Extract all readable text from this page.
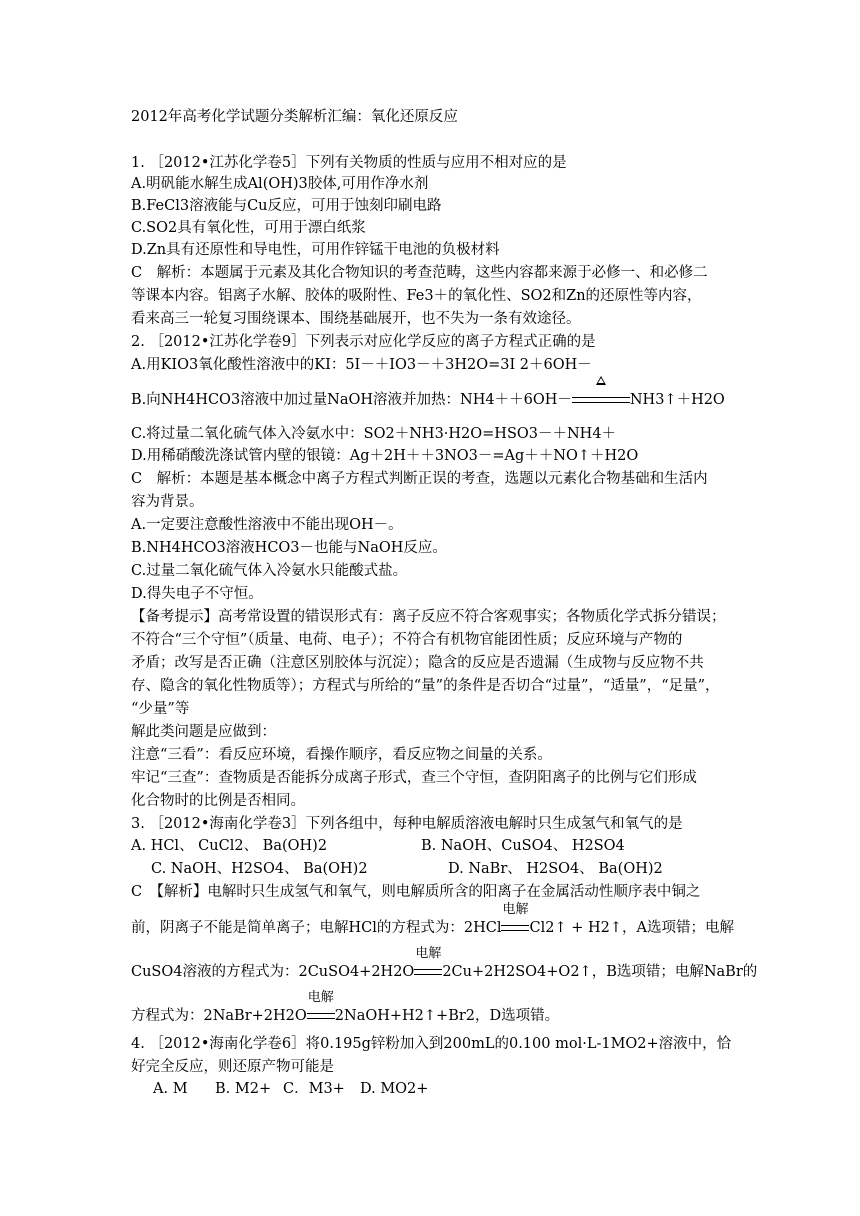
2012年高考化学试题分类解析汇编：氧化还原反应
1. ［2012•江苏化学卷5］下列有关物质的性质与应用不相对应的是
A.明矾能水解生成Al(OH)3胶体,可用作净水剂
B.FeCl3溶液能与Cu反应，可用于蚀刻印刷电路
C.SO2具有氧化性，可用于漂白纸浆
D.Zn具有还原性和导电性，可用作锌锰干电池的负极材料
C　解析：本题属于元素及其化合物知识的考查范畴，这些内容都来源于必修一、和必修二
等课本内容。铝离子水解、胶体的吸附性、Fe3＋的氧化性、SO2和Zn的还原性等内容，
看来高三一轮复习围绕课本、围绕基础展开，也不失为一条有效途径。
2. ［2012•江苏化学卷9］下列表示对应化学反应的离子方程式正确的是
A.用KIO3氧化酸性溶液中的KI：5I－＋IO3－＋3H2O=3I 2＋6OH－
B.向NH4HCO3溶液中加过量NaOH溶液并加热：NH4＋＋6OH－	NH3↑＋H2O
C.将过量二氧化硫气体入冷氨水中：SO2＋NH3·H2O=HSO3－＋NH4＋
D.用稀硝酸洗涤试管内壁的银镜：Ag＋2H＋＋3NO3－=Ag＋＋NO↑＋H2O
C　解析：本题是基本概念中离子方程式判断正误的考查，选题以元素化合物基础和生活内
容为背景。
A.一定要注意酸性溶液中不能出现OH－。
B.NH4HCO3溶液HCO3－也能与NaOH反应。
C.过量二氧化硫气体入冷氨水只能酸式盐。
D.得失电子不守恒。
【备考提示】高考常设置的错误形式有：离子反应不符合客观事实；各物质化学式拆分错误；
不符合“三个守恒”（质量、电荷、电子）；不符合有机物官能团性质；反应环境与产物的
矛盾；改写是否正确（注意区别胶体与沉淀）；隐含的反应是否遗漏（生成物与反应物不共
存、隐含的氧化性物质等）；方程式与所给的“量”的条件是否切合“过量”，“适量”，“足量”，
“少量”等
解此类问题是应做到：
注意“三看”：看反应环境，看操作顺序，看反应物之间量的关系。
牢记“三查”：查物质是否能拆分成离子形式，查三个守恒，查阴阳离子的比例与它们形成
化合物时的比例是否相同。
3. ［2012•海南化学卷3］下列各组中，每种电解质溶液电解时只生成氢气和氧气的是
A. HCl、 CuCl2、 Ba(OH)2	B. NaOH、CuSO4、 H2SO4
C. NaOH、H2SO4、 Ba(OH)2	D. NaBr、 H2SO4、 Ba(OH)2
C　【解析】电解时只生成氢气和氧气，则电解质所含的阳离子在金属活动性顺序表中铜之
前，阴离子不能是简单离子；电解HCl的方程式为：2HCl
电解
Cl2↑ + H2↑，A选项错；电解
CuSO4溶液的方程式为：2CuSO4+2H2O
电解
2Cu+2H2SO4+O2↑，B选项错；电解NaBr的
方程式为：2NaBr+2H2O
电解
2NaOH+H2↑+Br2，D选项错。
4. ［2012•海南化学卷6］将0.195g锌粉加入到200mL的0.100 mol·L-1MO2+溶液中，恰
好完全反应，则还原产物可能是
A. M B. M2+ C．M3+ D. MO2+
